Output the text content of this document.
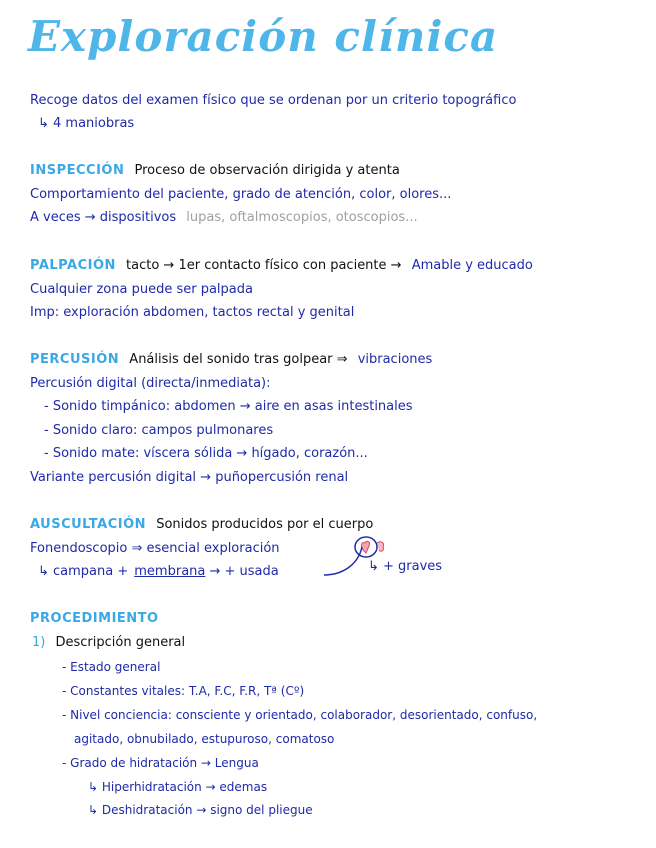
Exploración clínica
Recoge datos del examen físico que se ordenan por un criterio topográfico
↳ 4 maniobras
INSPECCIÓN Proceso de observación dirigida y atenta
Comportamiento del paciente, grado de atención, color, olores...
A veces → dispositivos lupas, oftalmoscopios, otoscopios...
PALPACIÓN tacto → 1er contacto físico con paciente → Amable y educado
Cualquier zona puede ser palpada
Imp: exploración abdomen, tactos rectal y genital
PERCUSIÓN Análisis del sonido tras golpear ⇒ vibraciones
Percusión digital (directa/inmediata):
- Sonido timpánico: abdomen → aire en asas intestinales
- Sonido claro: campos pulmonares
- Sonido mate: víscera sólida → hígado, corazón...
Variante percusión digital → puñopercusión renal
AUSCULTACIÓN Sonidos producidos por el cuerpo
Fonendoscopio ⇒ esencial exploración
↳ campana + membrana → + usada	↳ + graves
PROCEDIMIENTO
1) Descripción general
- Estado general
- Constantes vitales: T.A, F.C, F.R, Tª (Cº)
- Nivel conciencia: consciente y orientado, colaborador, desorientado, confuso,
agitado, obnubilado, estupuroso, comatoso
- Grado de hidratación → Lengua
↳ Hiperhidratación → edemas
↳ Deshidratación → signo del pliegue
